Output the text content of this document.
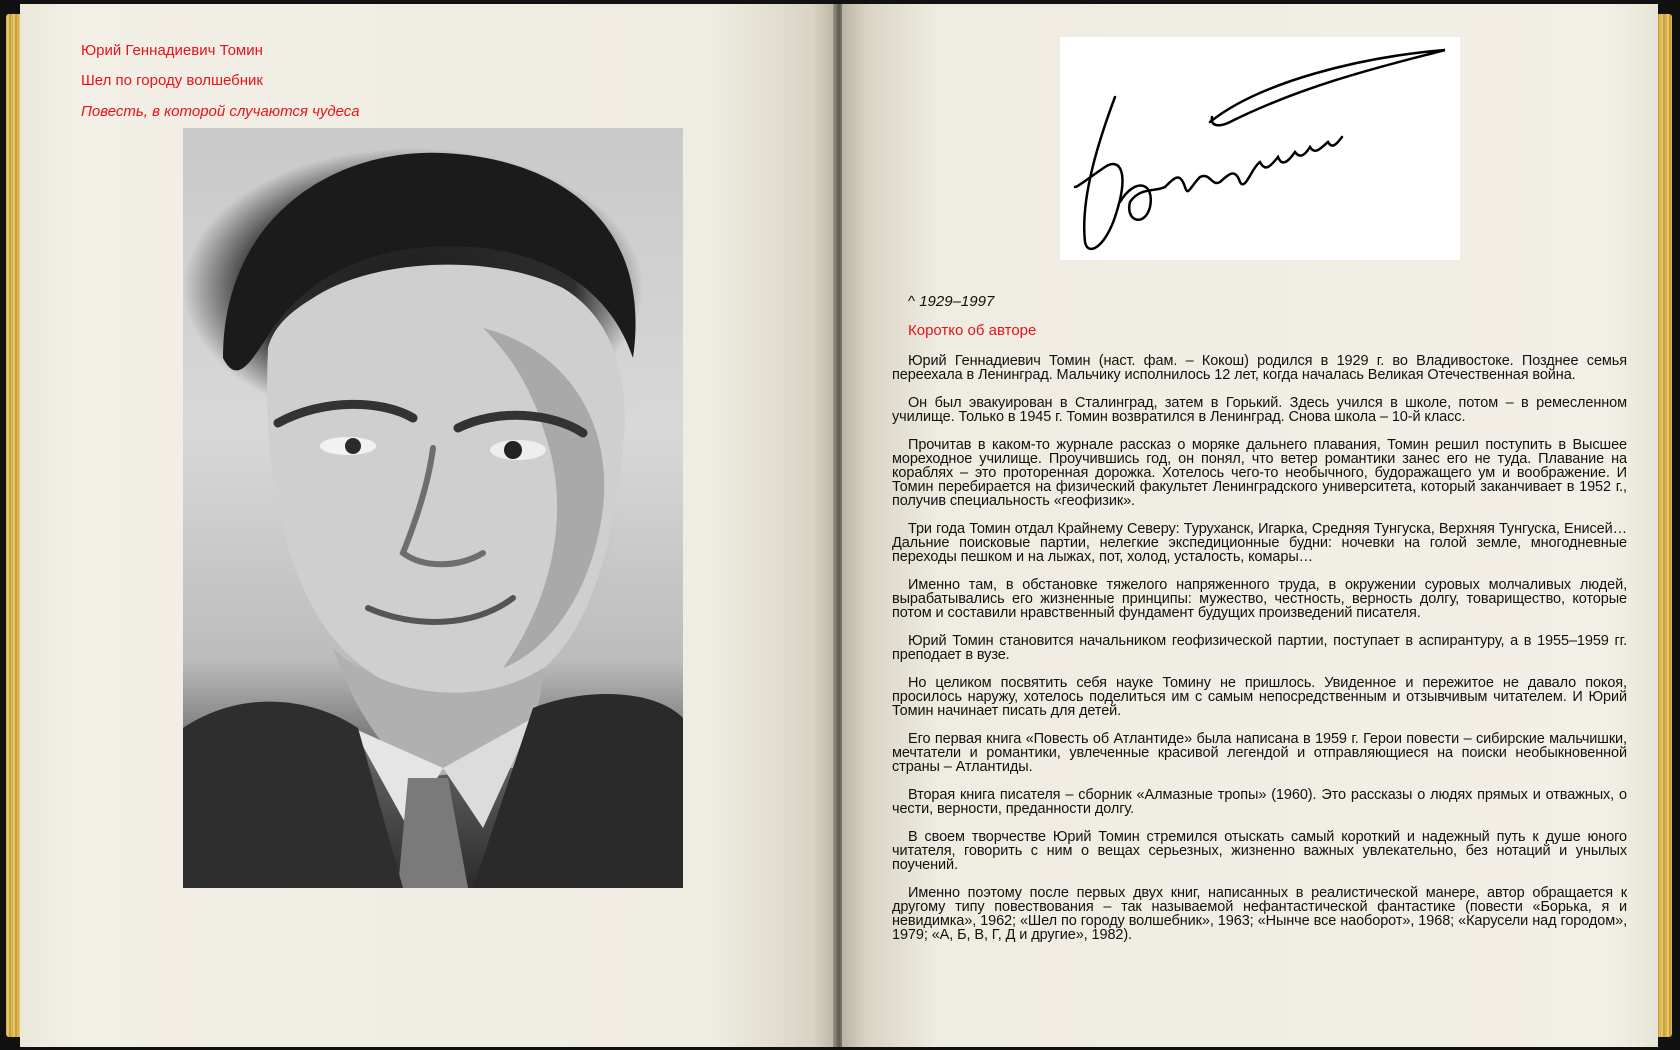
Юрий Геннадиевич Томин

Шел по городу волшебник

Повесть, в которой случаются чудеса

^ 1929–1997

Коротко об авторе

Юрий Геннадиевич Томин (наст. фам. – Кокош) родился в 1929 г. во Владивостоке. Позднее семья переехала в Ленинград. Мальчику исполнилось 12 лет, когда началась Великая Отечественная война.

Он был эвакуирован в Сталинград, затем в Горький. Здесь учился в школе, потом – в ремесленном училище. Только в 1945 г. Томин возвратился в Ленинград. Снова школа – 10-й класс.

Прочитав в каком-то журнале рассказ о моряке дальнего плавания, Томин решил поступить в Высшее мореходное училище. Проучившись год, он понял, что ветер романтики занес его не туда. Плавание на кораблях – это проторенная дорожка. Хотелось чего-то необычного, будоражащего ум и воображение. И Томин перебирается на физический факультет Ленинградского университета, который заканчивает в 1952 г., получив специальность «геофизик».

Три года Томин отдал Крайнему Северу: Туруханск, Игарка, Средняя Тунгуска, Верхняя Тунгуска, Енисей… Дальние поисковые партии, нелегкие экспедиционные будни: ночевки на голой земле, многодневные переходы пешком и на лыжах, пот, холод, усталость, комары…

Именно там, в обстановке тяжелого напряженного труда, в окружении суровых молчаливых людей, вырабатывались его жизненные принципы: мужество, честность, верность долгу, товарищество, которые потом и составили нравственный фундамент будущих произведений писателя.

Юрий Томин становится начальником геофизической партии, поступает в аспирантуру, а в 1955–1959 гг. преподает в вузе.

Но целиком посвятить себя науке Томину не пришлось. Увиденное и пережитое не давало покоя, просилось наружу, хотелось поделиться им с самым непосредственным и отзывчивым читателем. И Юрий Томин начинает писать для детей.

Его первая книга «Повесть об Атлантиде» была написана в 1959 г. Герои повести – сибирские мальчишки, мечтатели и романтики, увлеченные красивой легендой и отправляющиеся на поиски необыкновенной страны – Атлантиды.

Вторая книга писателя – сборник «Алмазные тропы» (1960). Это рассказы о людях прямых и отважных, о чести, верности, преданности долгу.

В своем творчестве Юрий Томин стремился отыскать самый короткий и надежный путь к душе юного читателя, говорить с ним о вещах серьезных, жизненно важных увлекательно, без нотаций и унылых поучений.

Именно поэтому после первых двух книг, написанных в реалистической манере, автор обращается к другому типу повествования – так называемой нефантастической фантастике (повести «Борька, я и невидимка», 1962; «Шел по городу волшебник», 1963; «Нынче все наоборот», 1968; «Карусели над городом», 1979; «А, Б, В, Г, Д и другие», 1982).
